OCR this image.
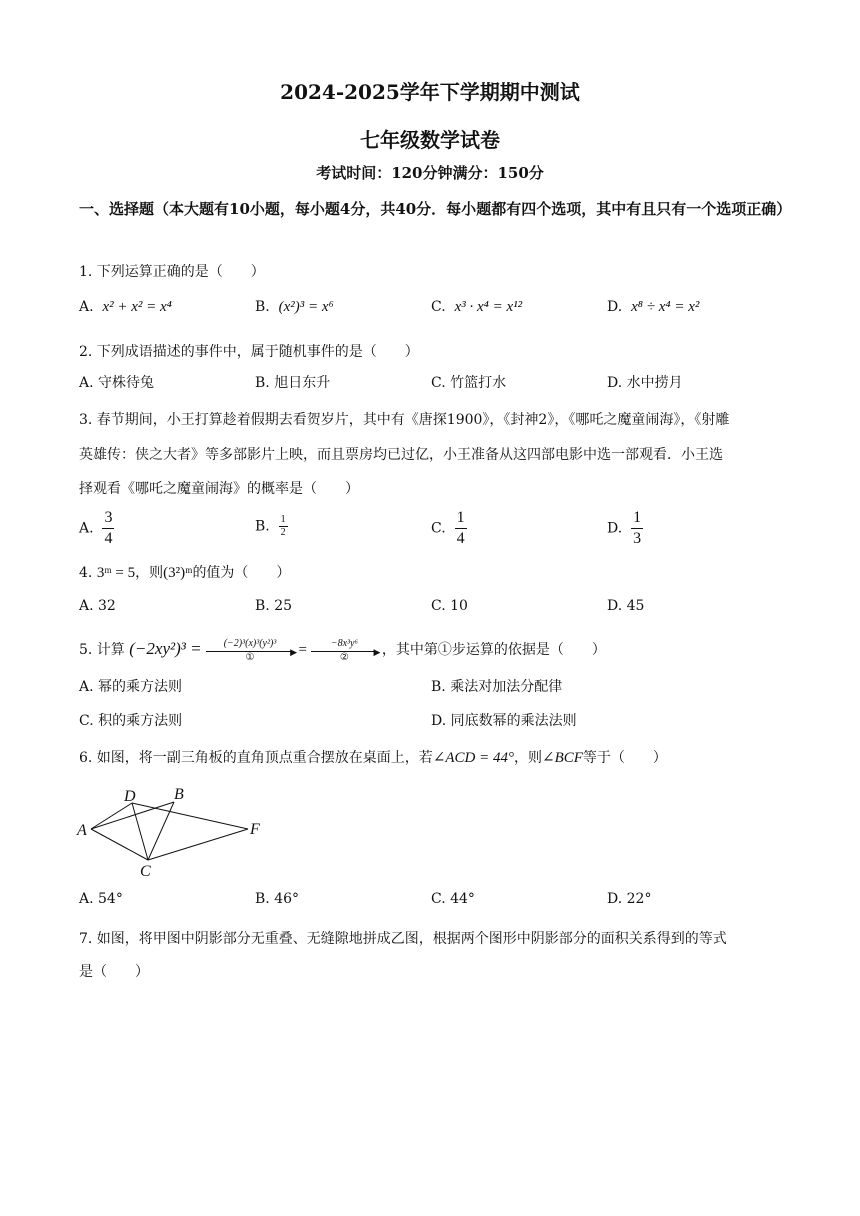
2024-2025学年下学期期中测试
七年级数学试卷
考试时间：120分钟满分：150分
一、选择题（本大题有10小题，每小题4分，共40分．每小题都有四个选项，其中有且只有一个选项正确）
1. 下列运算正确的是（　　）
A. x² + x² = x⁴	B. (x²)³ = x⁶	C. x³ · x⁴ = x¹²	D. x⁸ ÷ x⁴ = x²
2. 下列成语描述的事件中，属于随机事件的是（　　）
A. 守株待兔	B. 旭日东升	C. 竹篮打水	D. 水中捞月
3. 春节期间，小王打算趁着假期去看贺岁片，其中有《唐探1900》，《封神2》，《哪吒之魔童闹海》，《射雕
英雄传：侠之大者》等多部影片上映，而且票房均已过亿，小王准备从这四部电影中选一部观看．小王选
择观看《哪吒之魔童闹海》的概率是（　　）
A. $\frac{3}{4}$	B. $\frac{1}{2}$	C. $\frac{1}{4}$	D. $\frac{1}{3}$
4. 3ᵐ = 5，则(3²)ᵐ的值为（　　）
A. 32	B. 25	C. 10	D. 45
5. 计算 (−2xy²)³ =	(−2)³(x)³(y²)³
▶
①	=	−8x³y⁶
▶
②	，其中第①步运算的依据是（　　）
A. 幂的乘方法则	B. 乘法对加法分配律
C. 积的乘方法则	D. 同底数幂的乘法法则
6. 如图，将一副三角板的直角顶点重合摆放在桌面上，若∠ACD = 44°，则∠BCF等于（　　）
A
D B
F
C
A. 54°	B. 46°	C. 44°	D. 22°
7. 如图，将甲图中阴影部分无重叠、无缝隙地拼成乙图，根据两个图形中阴影部分的面积关系得到的等式
是（　　）
